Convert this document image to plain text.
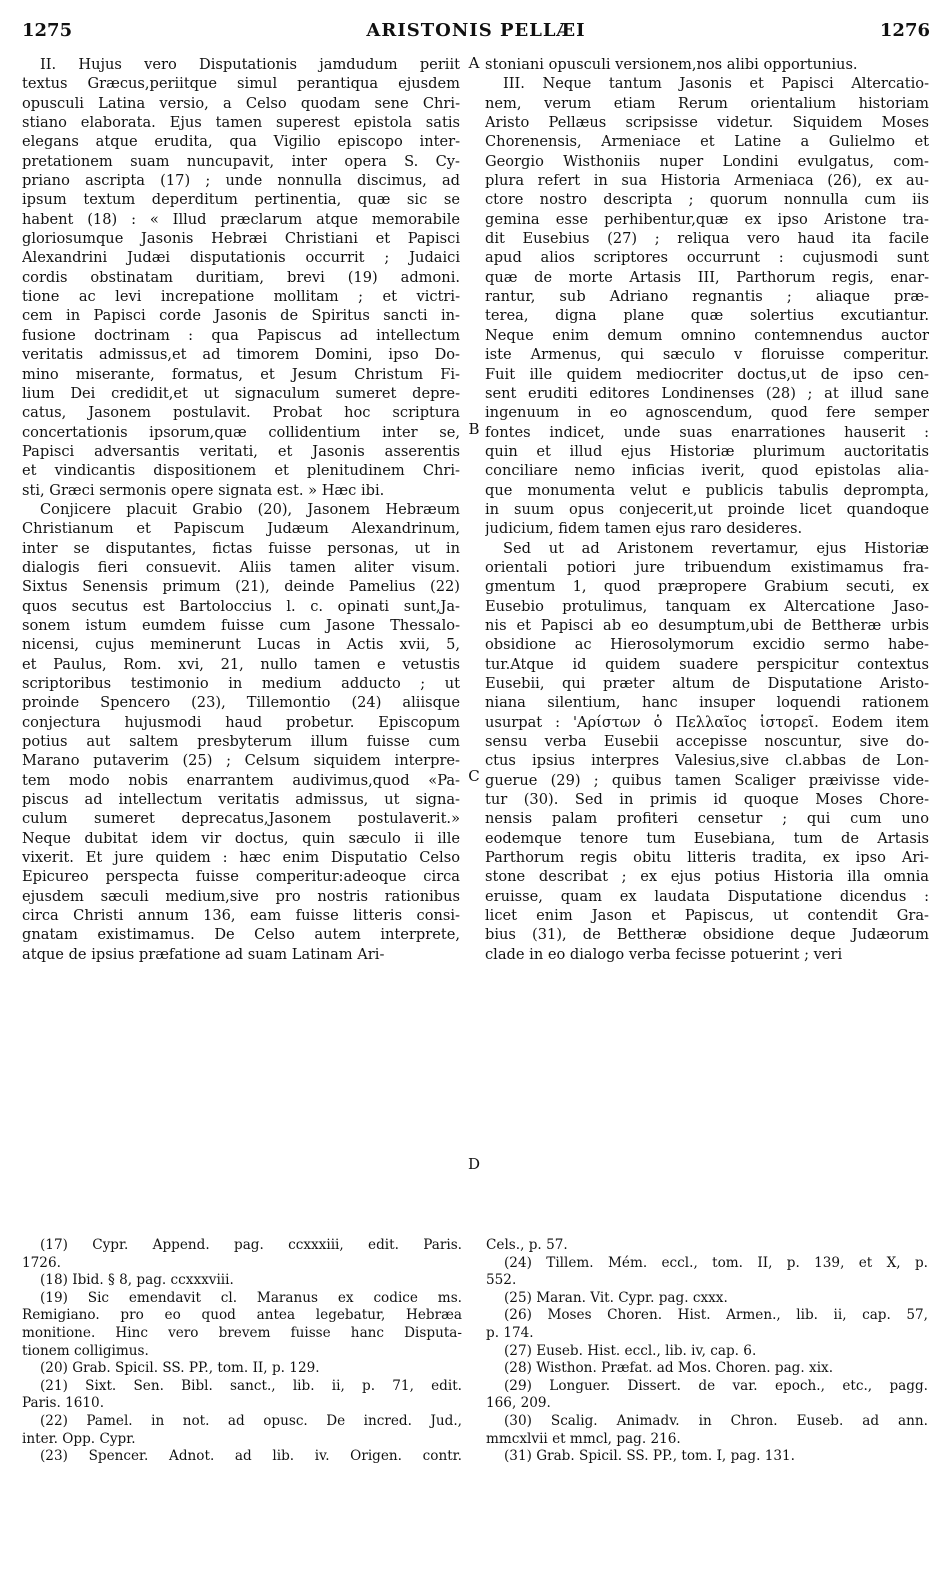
1275	ARISTONIS PELLÆI	1276
II. Hujus vero Disputationis jamdudum periit
textus Græcus,periitque simul perantiqua ejusdem
opusculi Latina versio, a Celso quodam sene Chri-
stiano elaborata. Ejus tamen superest epistola satis
elegans atque erudita, qua Vigilio episcopo inter-
pretationem suam nuncupavit, inter opera S. Cy-
priano ascripta (17) ; unde nonnulla discimus, ad
ipsum textum deperditum pertinentia, quæ sic se
habent (18) : « Illud præclarum atque memorabile
gloriosumque Jasonis Hebræi Christiani et Papisci
Alexandrini Judæi disputationis occurrit ; Judaici
cordis obstinatam duritiam, brevi (19) admoni.
tione ac levi increpatione mollitam ; et victri-
cem in Papisci corde Jasonis de Spiritus sancti in-
fusione doctrinam : qua Papiscus ad intellectum
veritatis admissus,et ad timorem Domini, ipso Do-
mino miserante, formatus, et Jesum Christum Fi-
lium Dei credidit,et ut signaculum sumeret depre-
catus, Jasonem postulavit. Probat hoc scriptura
concertationis ipsorum,quæ collidentium inter se,
Papisci adversantis veritati, et Jasonis asserentis
et vindicantis dispositionem et plenitudinem Chri-
sti, Græci sermonis opere signata est. » Hæc ibi.
Conjicere placuit Grabio (20), Jasonem Hebræum
Christianum et Papiscum Judæum Alexandrinum,
inter se disputantes, fictas fuisse personas, ut in
dialogis fieri consuevit. Aliis tamen aliter visum.
Sixtus Senensis primum (21), deinde Pamelius (22)
quos secutus est Bartoloccius l. c. opinati sunt,Ja-
sonem istum eumdem fuisse cum Jasone Thessalo-
nicensi, cujus meminerunt Lucas in Actis xvii, 5,
et Paulus, Rom. xvi, 21, nullo tamen e vetustis
scriptoribus testimonio in medium adducto ; ut
proinde Spencero (23), Tillemontio (24) aliisque
conjectura hujusmodi haud probetur. Episcopum
potius aut saltem presbyterum illum fuisse cum
Marano putaverim (25) ; Celsum siquidem interpre-
tem modo nobis enarrantem audivimus,quod «Pa-
piscus ad intellectum veritatis admissus, ut signa-
culum sumeret deprecatus,Jasonem postulaverit.»
Neque dubitat idem vir doctus, quin sæculo ii ille
vixerit. Et jure quidem : hæc enim Disputatio Celso
Epicureo perspecta fuisse comperitur:adeoque circa
ejusdem sæculi medium,sive pro nostris rationibus
circa Christi annum 136, eam fuisse litteris consi-
gnatam existimamus. De Celso autem interprete,
atque de ipsius præfatione ad suam Latinam Ari-
stoniani opusculi versionem,nos alibi opportunius.
III. Neque tantum Jasonis et Papisci Altercatio-
nem, verum etiam Rerum orientalium historiam
Aristo Pellæus scripsisse videtur. Siquidem Moses
Chorenensis, Armeniace et Latine a Gulielmo et
Georgio Wisthoniis nuper Londini evulgatus, com-
plura refert in sua Historia Armeniaca (26), ex au-
ctore nostro descripta ; quorum nonnulla cum iis
gemina esse perhibentur,quæ ex ipso Aristone tra-
dit Eusebius (27) ; reliqua vero haud ita facile
apud alios scriptores occurrunt : cujusmodi sunt
quæ de morte Artasis III, Parthorum regis, enar-
rantur, sub Adriano regnantis ; aliaque præ-
terea, digna plane quæ solertius excutiantur.
Neque enim demum omnino contemnendus auctor
iste Armenus, qui sæculo v floruisse comperitur.
Fuit ille quidem mediocriter doctus,ut de ipso cen-
sent eruditi editores Londinenses (28) ; at illud sane
ingenuum in eo agnoscendum, quod fere semper
fontes indicet, unde suas enarrationes hauserit :
quin et illud ejus Historiæ plurimum auctoritatis
conciliare nemo inficias iverit, quod epistolas alia-
que monumenta velut e publicis tabulis deprompta,
in suum opus conjecerit,ut proinde licet quandoque
judicium, fidem tamen ejus raro desideres.
Sed ut ad Aristonem revertamur, ejus Historiæ
orientali potiori jure tribuendum existimamus fra-
gmentum 1, quod præpropere Grabium secuti, ex
Eusebio protulimus, tanquam ex Altercatione Jaso-
nis et Papisci ab eo desumptum,ubi de Bettheræ urbis
obsidione ac Hierosolymorum excidio sermo habe-
tur.Atque id quidem suadere perspicitur contextus
Eusebii, qui præter altum de Disputatione Aristo-
niana silentium, hanc insuper loquendi rationem
usurpat : 'Αρίστων ὁ Πελλαῖος ἱστορεῖ. Eodem item
sensu verba Eusebii accepisse noscuntur, sive do-
ctus ipsius interpres Valesius,sive cl.abbas de Lon-
guerue (29) ; quibus tamen Scaliger præivisse vide-
tur (30). Sed in primis id quoque Moses Chore-
nensis palam profiteri censetur ; qui cum uno
eodemque tenore tum Eusebiana, tum de Artasis
Parthorum regis obitu litteris tradita, ex ipso Ari-
stone describat ; ex ejus potius Historia illa omnia
eruisse, quam ex laudata Disputatione dicendus :
licet enim Jason et Papiscus, ut contendit Gra-
bius (31), de Bettheræ obsidione deque Judæorum
clade in eo dialogo verba fecisse potuerint ; veri
A
B
C
D
(17) Cypr. Append. pag. ccxxxiii, edit. Paris.
1726.
(18) Ibid. § 8, pag. ccxxxviii.
(19) Sic emendavit cl. Maranus ex codice ms.
Remigiano. pro eo quod antea legebatur, Hebræa
monitione. Hinc vero brevem fuisse hanc Disputa-
tionem colligimus.
(20) Grab. Spicil. SS. PP., tom. II, p. 129.
(21) Sixt. Sen. Bibl. sanct., lib. ii, p. 71, edit.
Paris. 1610.
(22) Pamel. in not. ad opusc. De incred. Jud.,
inter. Opp. Cypr.
(23) Spencer. Adnot. ad lib. iv. Origen. contr.
Cels., p. 57.
(24) Tillem. Mém. eccl., tom. II, p. 139, et X, p.
552.
(25) Maran. Vit. Cypr. pag. cxxx.
(26) Moses Choren. Hist. Armen., lib. ii, cap. 57,
p. 174.
(27) Euseb. Hist. eccl., lib. iv, cap. 6.
(28) Wisthon. Præfat. ad Mos. Choren. pag. xix.
(29) Longuer. Dissert. de var. epoch., etc., pagg.
166, 209.
(30) Scalig. Animadv. in Chron. Euseb. ad ann.
mmcxlvii et mmcl, pag. 216.
(31) Grab. Spicil. SS. PP., tom. I, pag. 131.
